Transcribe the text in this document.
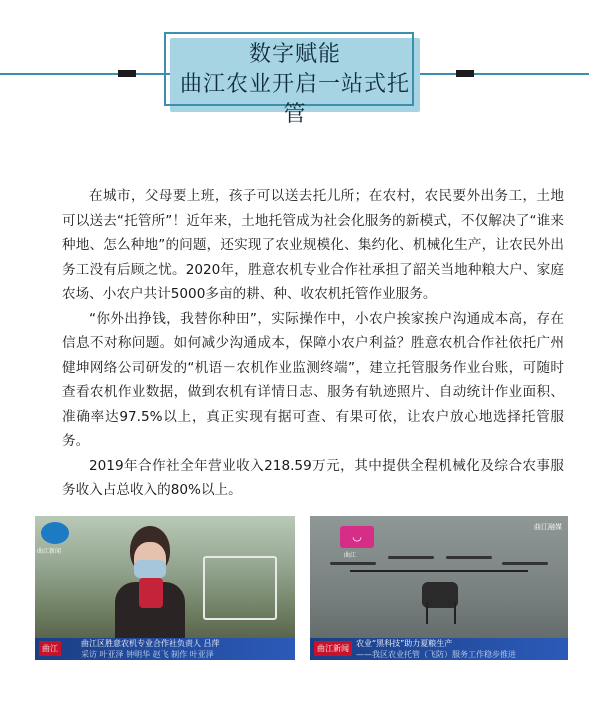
数字赋能
曲江农业开启一站式托管

在城市，父母要上班，孩子可以送去托儿所；在农村，农民要外出务工，土地可以送去“托管所”！近年来，土地托管成为社会化服务的新模式，不仅解决了“谁来种地、怎么种地”的问题，还实现了农业规模化、集约化、机械化生产，让农民外出务工没有后顾之忧。2020年，胜意农机专业合作社承担了韶关当地种粮大户、家庭农场、小农户共计5000多亩的耕、种、收农机托管作业服务。

“你外出挣钱，我替你种田”，实际操作中，小农户挨家挨户沟通成本高，存在信息不对称问题。如何减少沟通成本，保障小农户利益？胜意农机合作社依托广州健坤网络公司研发的“机语－农机作业监测终端”，建立托管服务作业台账，可随时查看农机作业数据，做到农机有详情日志、服务有轨迹照片、自动统计作业面积、准确率达97.5%以上，真正实现有据可查、有果可依，让农户放心地选择托管服务。

2019年合作社全年营业收入218.59万元，其中提供全程机械化及综合农事服务收入占总收入的80%以上。

曲江新闻
曲江
曲江区胜意农机专业合作社负责人 吕萍
采访 叶亚泽 钟明华 赵飞 制作 叶亚泽
◡
曲江
曲江融媒
曲江新闻
农业“黑科技”助力夏粮生产
——我区农业托管（飞防）服务工作稳步推进
